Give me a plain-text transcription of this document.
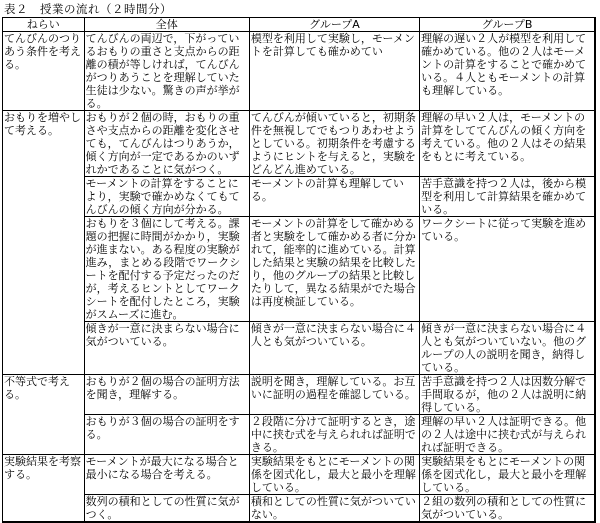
表２　授業の流れ（２時間分）
ねらい	全体	グループA	グループB
てんびんのつりあう条件を考える。	てんびんの両辺で，下がっているおもりの重さと支点からの距離の積が等しければ，てんびんがつりあうことを理解していた生徒は少ない。驚きの声が挙がる。	模型を利用して実験し，モーメントを計算しても確かめてい	理解の遅い２人が模型を利用して確かめている。他の２人はモーメントの計算をすることで確かめている。４人ともモーメントの計算も理解している。
おもりを増やして考える。	おもりが２個の時，おもりの重さや支点からの距離を変化させても，てんびんはつりあうか，傾く方向が一定であるかのいずれかであることに気がつく。	てんびんが傾いていると，初期条件を無視してでもつりあわせようとしている。初期条件を考慮するようにヒントを与えると，実験をどんどん進めている。	理解の早い２人は，モーメントの計算をしててんびんの傾く方向を考えている。他の２人はその結果をもとに考えている。
	モーメントの計算をすることにより，実験で確かめなくてもてんびんの傾く方向が分かる。	モーメントの計算も理解している。	苦手意識を持つ２人は，後から模型を利用して計算結果を確かめている。
	おもりを３個にして考える。課題の把握に時間がかかり，実験が進まない。ある程度の実験が進み，まとめる段階でワークシートを配付する予定だったのだが，考えるヒントとしてワークシートを配付したところ，実験がスムーズに進む。	モーメントの計算をして確かめる者と実験をして確かめる者に分かれて，能率的に進めている。計算した結果と実験の結果を比較したり，他のグループの結果と比較したりして，異なる結果がでた場合は再度検証している。	ワークシートに従って実験を進めている。
	傾きが一意に決まらない場合に気がついている。	傾きが一意に決まらない場合に４人とも気がついている。	傾きが一意に決まらない場合に４人とも気がついていない。他のグループの人の説明を聞き，納得している。
不等式で考える。	おもりが２個の場合の証明方法を聞き，理解する。	説明を聞き，理解している。お互いに証明の過程を確認している。	苦手意識を持つ２人は因数分解で手間取るが，他の２人は説明に納得している。
	おもりが３個の場合の証明をする。	２段階に分けて証明するとき，途中に挟む式を与えられれば証明できる。	理解の早い２人は証明できる。他の２人は途中に挟む式が与えられれば証明できる。
実験結果を考察する。	モーメントが最大になる場合と最小になる場合を考える。	実験結果をもとにモーメントの関係を図式化し，最大と最小を理解している。	実験結果をもとにモーメントの関係を図式化し，最大と最小を理解している。
	数列の積和としての性質に気がつく。	積和としての性質に気がついていない。	２組の数列の積和としての性質に気がついている。
